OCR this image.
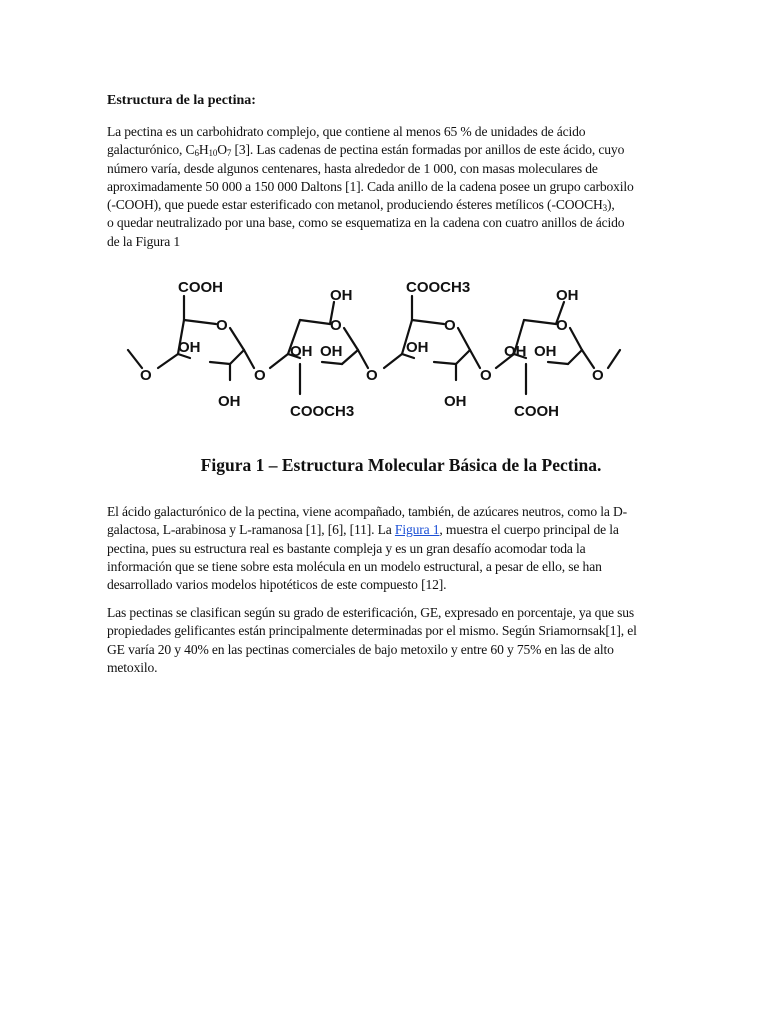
Estructura de la pectina:
La pectina es un carbohidrato complejo, que contiene al menos 65 % de unidades de ácido
galacturónico, $C_6H_{10}O_7$ [3]. Las cadenas de pectina están formadas por anillos de este ácido, cuyo
número varía, desde algunos centenares, hasta alrededor de 1 000, con masas moleculares de
aproximadamente 50 000 a 150 000 Daltons [1]. Cada anillo de la cadena posee un grupo carboxilo
(-COOH), que puede estar esterificado con metanol, produciendo ésteres metílicos $(-COOCH_3)$,
o quedar neutralizado por una base, como se esquematiza en la cadena con cuatro anillos de ácido
de la Figura 1
COOH
O
OH
O
OH
O
OH
O
OH OH
COOCH3
O
COOCH3
O
OH
OH
O
OH
O
OH OH
COOH
O
Figura 1 – Estructura Molecular Básica de la Pectina.
El ácido galacturónico de la pectina, viene acompañado, también, de azúcares neutros, como la D-
galactosa, L-arabinosa y L-ramanosa [1], [6], [11]. La Figura 1, muestra el cuerpo principal de la
pectina, pues su estructura real es bastante compleja y es un gran desafío acomodar toda la
información que se tiene sobre esta molécula en un modelo estructural, a pesar de ello, se han
desarrollado varios modelos hipotéticos de este compuesto [12].
Las pectinas se clasifican según su grado de esterificación, GE, expresado en porcentaje, ya que sus
propiedades gelificantes están principalmente determinadas por el mismo. Según Sriamornsak[1], el
GE varía 20 y 40% en las pectinas comerciales de bajo metoxilo y entre 60 y 75% en las de alto
metoxilo.
